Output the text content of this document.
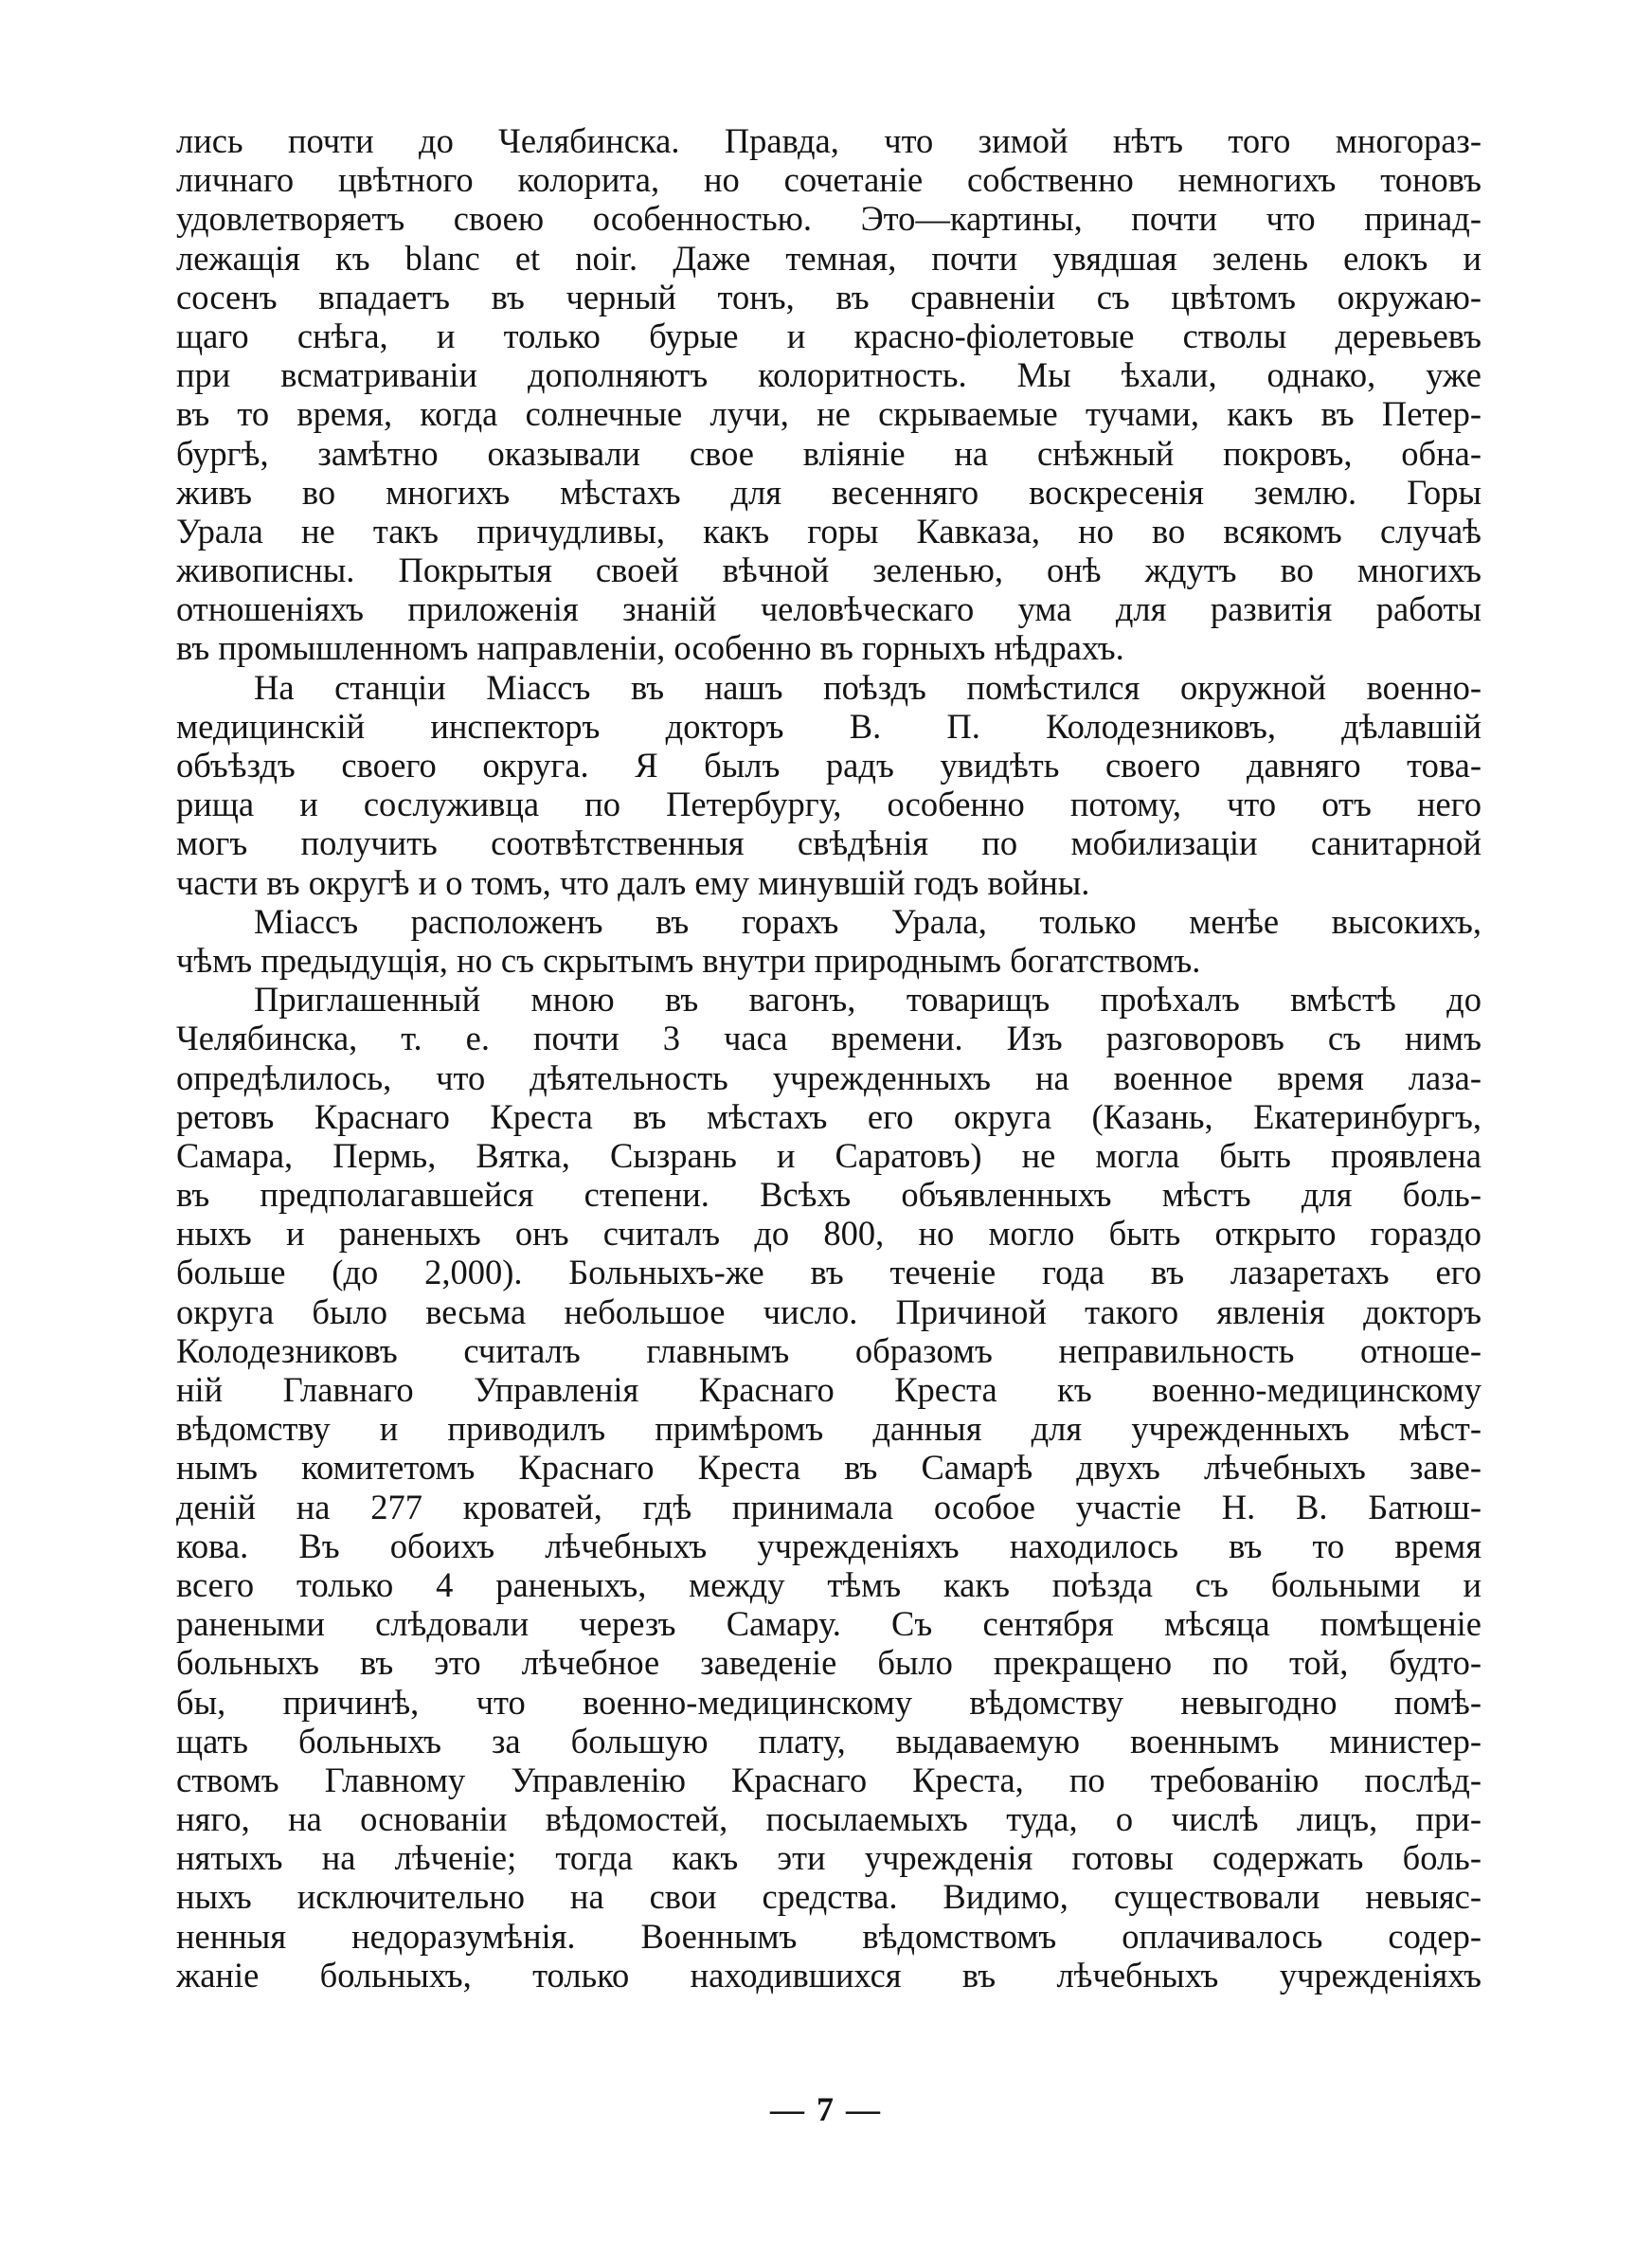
лись почти до Челябинска. Правда, что зимой нѣтъ того многораз-
личнаго цвѣтного колорита, но сочетаніе собственно немногихъ тоновъ
удовлетворяетъ своею особенностью. Это—картины, почти что принад-
лежащія къ blanc et noir. Даже темная, почти увядшая зелень елокъ и
сосенъ впадаетъ въ черный тонъ, въ сравненіи съ цвѣтомъ окружаю-
щаго снѣга, и только бурые и красно-фіолетовые стволы деревьевъ
при всматриваніи дополняютъ колоритность. Мы ѣхали, однако, уже
въ то время, когда солнечные лучи, не скрываемые тучами, какъ въ Петер-
бургѣ, замѣтно оказывали свое вліяніе на снѣжный покровъ, обна-
живъ во многихъ мѣстахъ для весенняго воскресенія землю. Горы
Урала не такъ причудливы, какъ горы Кавказа, но во всякомъ случаѣ
живописны. Покрытыя своей вѣчной зеленью, онѣ ждутъ во многихъ
отношеніяхъ приложенія знаній человѣческаго ума для развитія работы
въ промышленномъ направленіи, особенно въ горныхъ нѣдрахъ.
На станціи Міассъ въ нашъ поѣздъ помѣстился окружной военно-
медицинскій инспекторъ докторъ В. П. Колодезниковъ, дѣлавшій
объѣздъ своего округа. Я былъ радъ увидѣть своего давняго това-
рища и сослуживца по Петербургу, особенно потому, что отъ него
могъ получить соотвѣтственныя свѣдѣнія по мобилизаціи санитарной
части въ округѣ и о томъ, что далъ ему минувшій годъ войны.
Міассъ расположенъ въ горахъ Урала, только менѣе высокихъ,
чѣмъ предыдущія, но съ скрытымъ внутри природнымъ богатствомъ.
Приглашенный мною въ вагонъ, товарищъ проѣхалъ вмѣстѣ до
Челябинска, т. е. почти 3 часа времени. Изъ разговоровъ съ нимъ
опредѣлилось, что дѣятельность учрежденныхъ на военное время лаза-
ретовъ Краснаго Креста въ мѣстахъ его округа (Казань, Екатеринбургъ,
Самара, Пермь, Вятка, Сызрань и Саратовъ) не могла быть проявлена
въ предполагавшейся степени. Всѣхъ объявленныхъ мѣстъ для боль-
ныхъ и раненыхъ онъ считалъ до 800, но могло быть открыто гораздо
больше (до 2,000). Больныхъ-же въ теченіе года въ лазаретахъ его
округа было весьма небольшое число. Причиной такого явленія докторъ
Колодезниковъ считалъ главнымъ образомъ неправильность отноше-
ній Главнаго Управленія Краснаго Креста къ военно-медицинскому
вѣдомству и приводилъ примѣромъ данныя для учрежденныхъ мѣст-
нымъ комитетомъ Краснаго Креста въ Самарѣ двухъ лѣчебныхъ заве-
деній на 277 кроватей, гдѣ принимала особое участіе Н. В. Батюш-
кова. Въ обоихъ лѣчебныхъ учрежденіяхъ находилось въ то время
всего только 4 раненыхъ, между тѣмъ какъ поѣзда съ больными и
ранеными слѣдовали черезъ Самару. Съ сентября мѣсяца помѣщеніе
больныхъ въ это лѣчебное заведеніе было прекращено по той, будто-
бы, причинѣ, что военно-медицинскому вѣдомству невыгодно помѣ-
щать больныхъ за большую плату, выдаваемую военнымъ министер-
ствомъ Главному Управленію Краснаго Креста, по требованію послѣд-
няго, на основаніи вѣдомостей, посылаемыхъ туда, о числѣ лицъ, при-
нятыхъ на лѣченіе; тогда какъ эти учрежденія готовы содержать боль-
ныхъ исключительно на свои средства. Видимо, существовали невыяс-
ненныя недоразумѣнія. Военнымъ вѣдомствомъ оплачивалось содер-
жаніе больныхъ, только находившихся въ лѣчебныхъ учрежденіяхъ
— 7 —
